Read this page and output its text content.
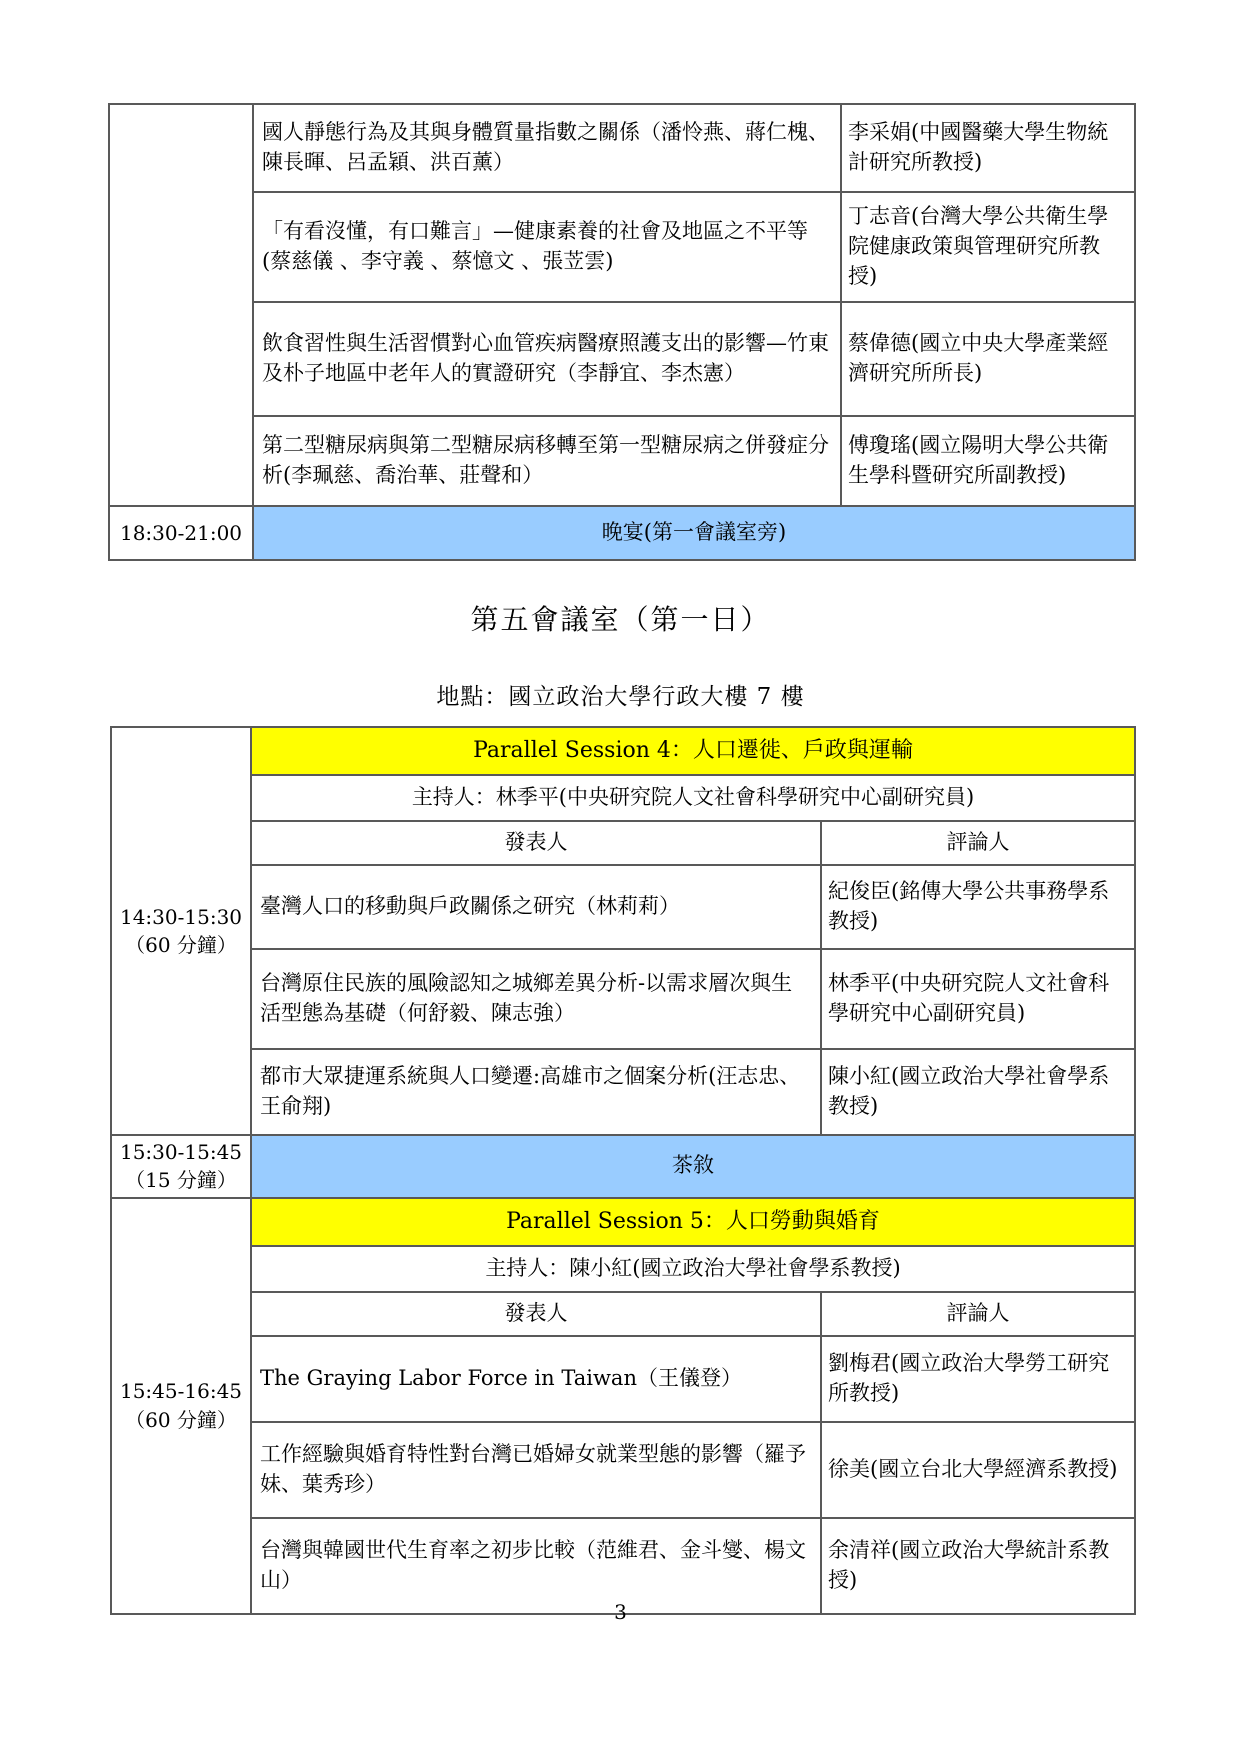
	國人靜態行為及其與身體質量指數之關係（潘怜燕、蔣仁槐、陳長暉、呂孟穎、洪百薰）	李采娟(中國醫藥大學生物統計研究所教授)
	「有看沒懂，有口難言」—健康素養的社會及地區之不平等(蔡慈儀 、李守義 、蔡憶文 、張苙雲)	丁志音(台灣大學公共衛生學院健康政策與管理研究所教授)
	飲食習性與生活習慣對心血管疾病醫療照護支出的影響—竹東及朴子地區中老年人的實證研究（李靜宜、李杰憲）	蔡偉德(國立中央大學產業經濟研究所所長)
	第二型糖尿病與第二型糖尿病移轉至第一型糖尿病之併發症分析(李珮慈、喬治華、莊聲和）	傅瓊瑤(國立陽明大學公共衛生學科暨研究所副教授)
18:30-21:00	晚宴(第一會議室旁)	
第五會議室（第一日）
地點：國立政治大學行政大樓 7 樓
14:30-15:30
（60 分鐘）	Parallel Session 4：人口遷徙、戶政與運輸	
	主持人：林季平(中央研究院人文社會科學研究中心副研究員)	
	發表人	評論人
	臺灣人口的移動與戶政關係之研究（林莉莉）	紀俊臣(銘傳大學公共事務學系教授)
	台灣原住民族的風險認知之城鄉差異分析-以需求層次與生活型態為基礎（何舒毅、陳志強）	林季平(中央研究院人文社會科學研究中心副研究員)
	都市大眾捷運系統與人口變遷:高雄市之個案分析(汪志忠、王俞翔)	陳小紅(國立政治大學社會學系教授)

15:30-15:45
（15 分鐘）	茶敘	

15:45-16:45
（60 分鐘）	Parallel Session 5：人口勞動與婚育	
	主持人：陳小紅(國立政治大學社會學系教授)	
	發表人	評論人
	The Graying Labor Force in Taiwan（王儀登）	劉梅君(國立政治大學勞工研究所教授)
	工作經驗與婚育特性對台灣已婚婦女就業型態的影響（羅予妹、葉秀珍）	徐美(國立台北大學經濟系教授)
	台灣與韓國世代生育率之初步比較（范維君、金斗燮、楊文山）	余清祥(國立政治大學統計系教授)
3
